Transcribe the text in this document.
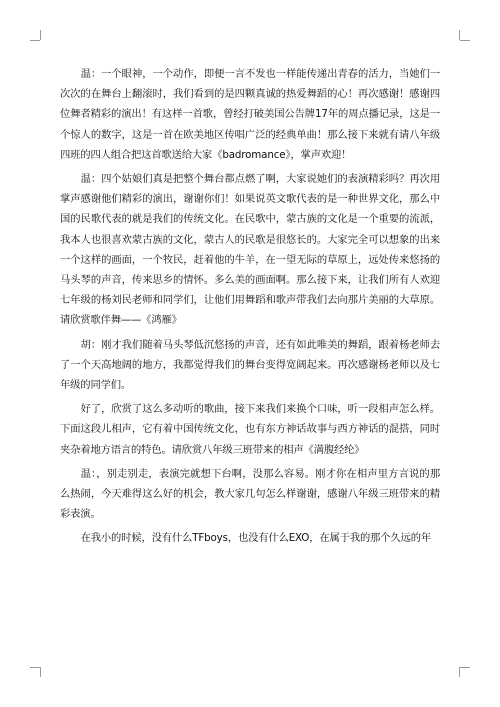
温：一个眼神，一个动作，即便一言不发也一样能传递出青春的活力，当她们一次次的在舞台上翻滚时，我们看到的是四颗真诚的热爱舞蹈的心！再次感谢！感谢四位舞者精彩的演出！有这样一首歌，曾经打破美国公告牌17年的周点播记录，这是一个惊人的数字，这是一首在欧美地区传唱广泛的经典单曲！那么接下来就有请八年级四班的四人组合把这首歌送给大家《badromance》，掌声欢迎！

温：四个姑娘们真是把整个舞台都点燃了啊，大家说她们的表演精彩吗？再次用掌声感谢他们精彩的演出，谢谢你们！如果说英文歌代表的是一种世界文化，那么中国的民歌代表的就是我们的传统文化。在民歌中，蒙古族的文化是一个重要的流派，我本人也很喜欢蒙古族的文化，蒙古人的民歌是很悠长的。大家完全可以想象的出来一个这样的画面，一个牧民，赶着他的牛羊，在一望无际的草原上，远处传来悠扬的马头琴的声音，传来思乡的情怀。多么美的画面啊。那么接下来，让我们所有人欢迎七年级的杨刘民老师和同学们，让他们用舞蹈和歌声带我们去向那片美丽的大草原。请欣赏歌伴舞——《鸿雁》

胡：刚才我们随着马头琴低沉悠扬的声音，还有如此唯美的舞蹈，跟着杨老师去了一个天高地阔的地方，我都觉得我们的舞台变得宽阔起来。再次感谢杨老师以及七年级的同学们。

好了，欣赏了这么多动听的歌曲，接下来我们来换个口味，听一段相声怎么样。下面这段儿相声，它有着中国传统文化，也有东方神话故事与西方神话的混搭，同时夹杂着地方语言的特色。请欣赏八年级三班带来的相声《满腹经纶》

温：，别走别走，表演完就想下台啊，没那么容易。刚才你在相声里方言说的那么热闹，今天难得这么好的机会，教大家几句怎么样谢谢，感谢八年级三班带来的精彩表演。

在我小的时候，没有什么TFboys，也没有什么EXO，在属于我的那个久远的年
